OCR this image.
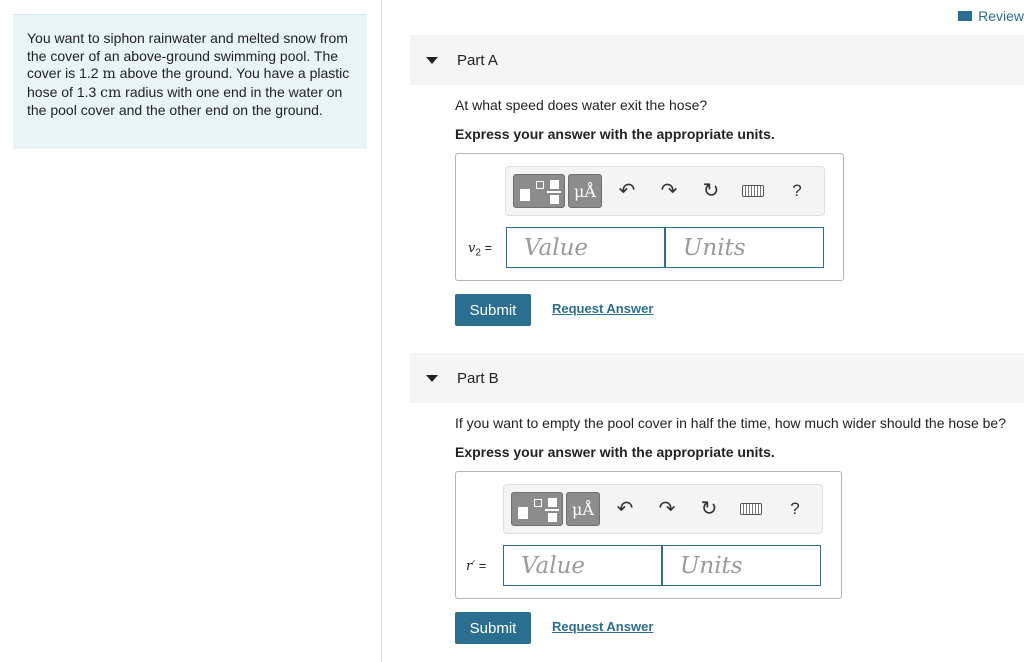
You want to siphon rainwater and melted snow from the cover of an above-ground swimming pool. The cover is 1.2 m above the ground. You have a plastic hose of 1.3 cm radius with one end in the water on the pool cover and the other end on the ground.
Review
Part A
At what speed does water exit the hose?
Express your answer with the appropriate units.
μÅ	↶ ↷ ↻	?
$v_2$ =	Value	Units
Submit	Request Answer
Part B
If you want to empty the pool cover in half the time, how much wider should the hose be?
Express your answer with the appropriate units.
μÅ	↶ ↷ ↻	?
r′ =	Value	Units
Submit	Request Answer
